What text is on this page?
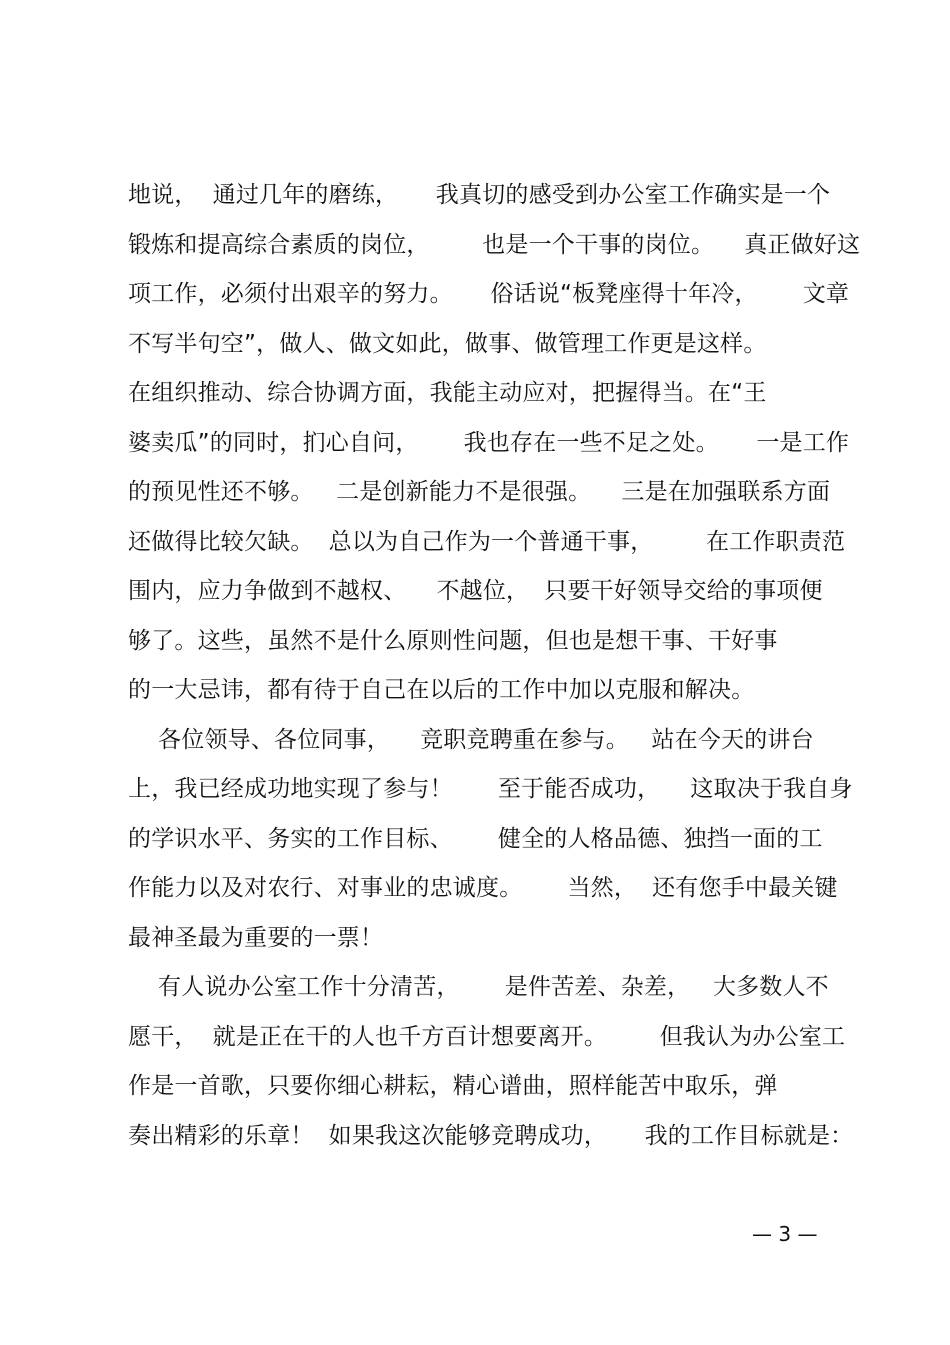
地说，  通过几年的磨练，     我真切的感受到办公室工作确实是一个
锻炼和提高综合素质的岗位，       也是一个干事的岗位。    真正做好这
项工作，必须付出艰辛的努力。     俗话说“板凳座得十年冷，      文章
不写半句空”，做人、做文如此，做事、做管理工作更是这样。
在组织推动、综合协调方面，我能主动应对，把握得当。在“王
婆卖瓜”的同时，扪心自问，      我也存在一些不足之处。     一是工作
的预见性还不够。   二是创新能力不是很强。    三是在加强联系方面
还做得比较欠缺。  总以为自己作为一个普通干事，       在工作职责范
围内，应力争做到不越权、    不越位，  只要干好领导交给的事项便
够了。这些，虽然不是什么原则性问题，但也是想干事、干好事
的一大忌讳，都有待于自己在以后的工作中加以克服和解决。
各位领导、各位同事，    竞职竞聘重在参与。   站在今天的讲台
上，我已经成功地实现了参与！      至于能否成功，    这取决于我自身
的学识水平、务实的工作目标、      健全的人格品德、独挡一面的工
作能力以及对农行、对事业的忠诚度。      当然，  还有您手中最关键
最神圣最为重要的一票！
有人说办公室工作十分清苦，      是件苦差、杂差，   大多数人不
愿干，  就是正在干的人也千方百计想要离开。       但我认为办公室工
作是一首歌，只要你细心耕耘，精心谱曲，照样能苦中取乐，弹
奏出精彩的乐章！  如果我这次能够竞聘成功，     我的工作目标就是：
— 3 —
